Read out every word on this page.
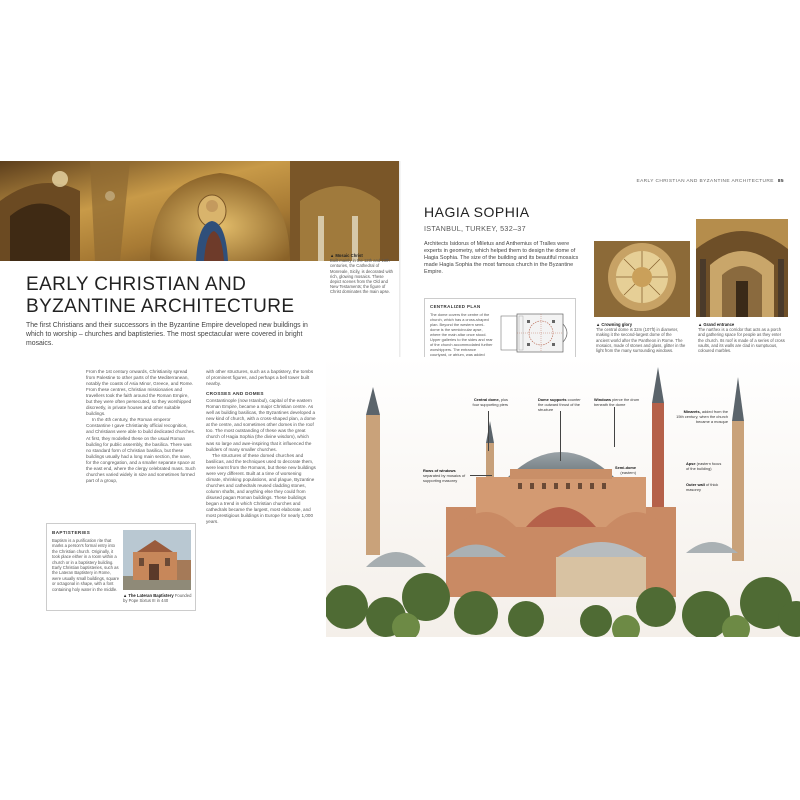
▲ Mosaic Christ
Built mainly in the 12th and 13th centuries, the Cathedral of Monreale, Sicily, is decorated with rich, glowing mosaics. These depict scenes from the Old and New Testaments; the figure of Christ dominates the main apse.
EARLY CHRISTIAN AND
BYZANTINE ARCHITECTURE

The first Christians and their successors in the Byzantine Empire developed new buildings in which to worship – churches and baptisteries. The most spectacular were covered in bright mosaics.

From the 1st century onwards, Christianity spread from Palestine to other parts of the Mediterranean, notably the coasts of Asia Minor, Greece, and Rome. From these centres, Christian missionaries and travellers took the faith around the Roman Empire, but they were often persecuted, so they worshipped discreetly, in private houses and other suitable buildings.

In the 4th century, the Roman emperor Constantine I gave Christianity official recognition, and Christians were able to build dedicated churches. At first, they modelled these on the usual Roman building for public assembly, the basilica. There was no standard form of Christian basilica, but these buildings usually had a long main section, the nave, for the congregation, and a smaller separate space at the east end, where the clergy celebrated mass. Such churches varied widely in size and sometimes formed part of a group,

with other structures, such as a baptistery, the tombs of prominent figures, and perhaps a bell tower built nearby.

CROSSES AND DOMES

Constantinople (now Istanbul), capital of the eastern Roman Empire, became a major Christian centre. As well as building basilicas, the Byzantines developed a new kind of church, with a cross-shaped plan, a dome at the centre, and sometimes other domes in the roof too. The most outstanding of these was the great church of Hagia Sophia (the divine wisdom), which was so large and awe-inspiring that it influenced the builders of many smaller churches.

The structures of these domed churches and basilicas, and the techniques used to decorate them, were learnt from the Romans, but these new buildings were very different. Built at a time of worsening climate, shrinking populations, and plague, Byzantine churches and cathedrals reused cladding stones, column shafts, and anything else they could from disused pagan Roman buildings. These buildings began a trend in which Christian churches and cathedrals became the largest, most elaborate, and most prestigious buildings in Europe for nearly 1,000 years.

BAPTISTERIES
Baptism is a purification rite that marks a person's formal entry into the Christian church. Originally, it took place either in a room within a church or in a baptistery building. Early Christian baptisteries, such as the Lateran Baptistery in Rome, were usually small buildings, square or octagonal in shape, with a font containing holy water in the middle.
▲ The Lateran Baptistery Founded by Pope Sixtus III in 440
EARLY CHRISTIAN AND BYZANTINE ARCHITECTURE 85
HAGIA SOPHIA
ISTANBUL, TURKEY, 532–37

Architects Isidorus of Miletus and Anthemius of Tralles were experts in geometry, which helped them to design the dome of Hagia Sophia. The size of the building and its beautiful mosaics made Hagia Sophia the most famous church in the Byzantine Empire.

CENTRALIZED PLAN
The dome covers the centre of the church, which has a cross-shaped plan. Beyond the western semi-dome is the semicircular apse, where the main altar once stood. Upper galleries to the sides and rear of the church accommodated further worshippers. The entrance courtyard, or atrium, was added
▲ Crowning glory
The central dome is 32m (107ft) in diameter, making it the second-largest dome of the ancient world after the Pantheon in Rome. The mosaics, made of stones and glass, glitter in the light from the many surrounding windows.
▲ Grand entrance
The narthex is a corridor that acts as a porch and gathering space for people as they enter the church. Its roof is made of a series of cross vaults, and its walls are clad in sumptuous, coloured marbles.
Central dome, plus four supporting piers
Dome supports counter the outward thrust of the structure
Windows pierce the drum beneath the dome
Minarets, added from the 15th century, when the church became a mosque
Rows of windows separated by mosaics of supporting masonry
Semi-dome (eastern)
Apse (eastern focus of the building)
Outer wall of thick masonry
